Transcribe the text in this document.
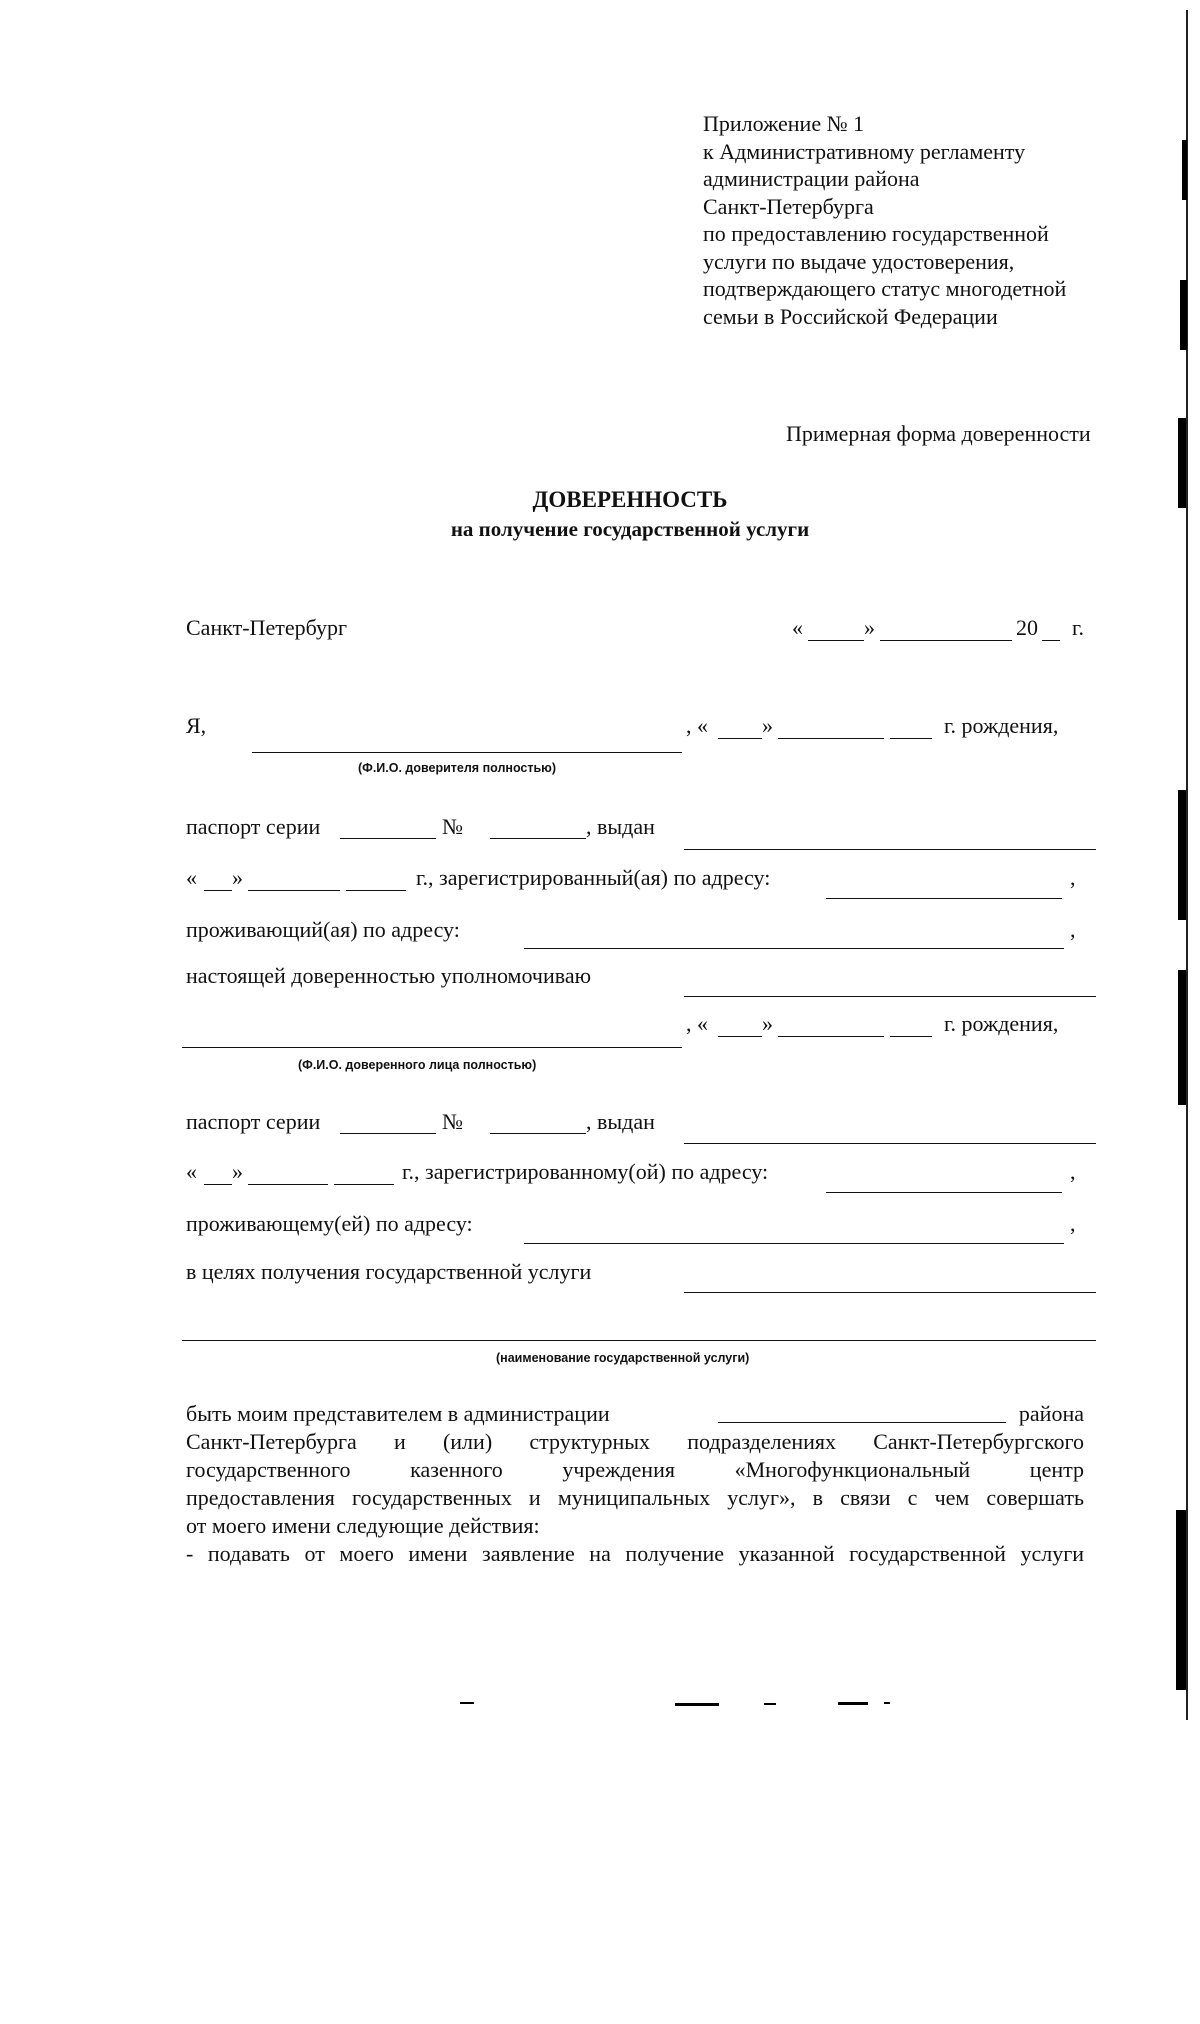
Приложение № 1
к Административному регламенту
администрации района
Санкт-Петербурга
по предоставлению государственной
услуги по выдаче удостоверения,
подтверждающего статус многодетной
семьи в Российской Федерации
Примерная форма доверенности
ДОВЕРЕННОСТЬ
на получение государственной услуги
Санкт-Петербург	«	»	20 г.
Я,	, « »	г. рождения,
(Ф.И.О. доверителя полностью)
паспорт серии	№	, выдан
« »	г., зарегистрированный(ая) по адресу:	,
проживающий(ая) по адресу:	,
настоящей доверенностью уполномочиваю
, « »	г. рождения,
(Ф.И.О. доверенного лица полностью)
паспорт серии	№	, выдан
« »	г., зарегистрированному(ой) по адресу:	,
проживающему(ей) по адресу:	,
в целях получения государственной услуги
(наименование государственной услуги)
быть моим представителем в администрации	района
Санкт-Петербурга и (или) структурных подразделениях Санкт-Петербургского
государственного казенного учреждения «Многофункциональный центр
предоставления государственных и муниципальных услуг», в связи с чем совершать
от моего имени следующие действия:
- подавать от моего имени заявление на получение указанной государственной услуги
